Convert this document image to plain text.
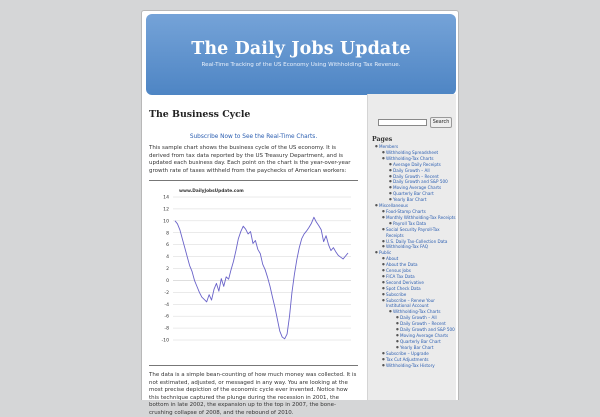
The Daily Jobs Update
Real-Time Tracking of the US Economy Using Withholding Tax Revenue.
The Business Cycle
Subscribe Now to See the Real-Time Charts.
This sample chart shows the business cycle of the US economy. It is derived from tax data reported by the US Treasury Department, and is updated each business day. Each point on the chart is the year-over-year growth rate of taxes withheld from the paychecks of American workers:
14
12
10
8
6
4
2
0
-2
-4
-6
-8
-10
www.DailyJobsUpdate.com
The data is a simple bean-counting of how much money was collected. It is not estimated, adjusted, or messaged in any way. You are looking at the most precise depiction of the economic cycle ever invented. Notice how this technique captured the plunge during the recession in 2001, the bottom in late 2002, the expansion up to the top in 2007, the bone-crushing collapse of 2008, and the rebound of 2010.
Search
Pages
● Members
● Withholding Spreadsheet
● Withholding-Tax Charts
● Average Daily Receipts
● Daily Growth – All
● Daily Growth – Recent
● Daily Growth and S&P 500
● Moving Average Charts
● Quarterly Bar Chart
● Yearly Bar Chart
● Miscellaneous
● Food-Stamp Charts
● Monthly Withholding-Tax Receipts
● Payroll Tax Data
● Social Security Payroll-Tax Receipts
● U.S. Daily Tax-Collection Data
● Withholding-Tax FAQ
● Public
● About
● About the Data
● Census Jobs
● FICA Tax Data
● Second Derivative
● Spot Check Data
● Subscribe
● Subscribe – Renew Your Institutional Account
● Withholding-Tax Charts
● Daily Growth – All
● Daily Growth – Recent
● Daily Growth and S&P 500
● Moving Average Charts
● Quarterly Bar Chart
● Yearly Bar Chart
● Subscribe – Upgrade
● Tax Cut Adjustments
● Withholding-Tax History
